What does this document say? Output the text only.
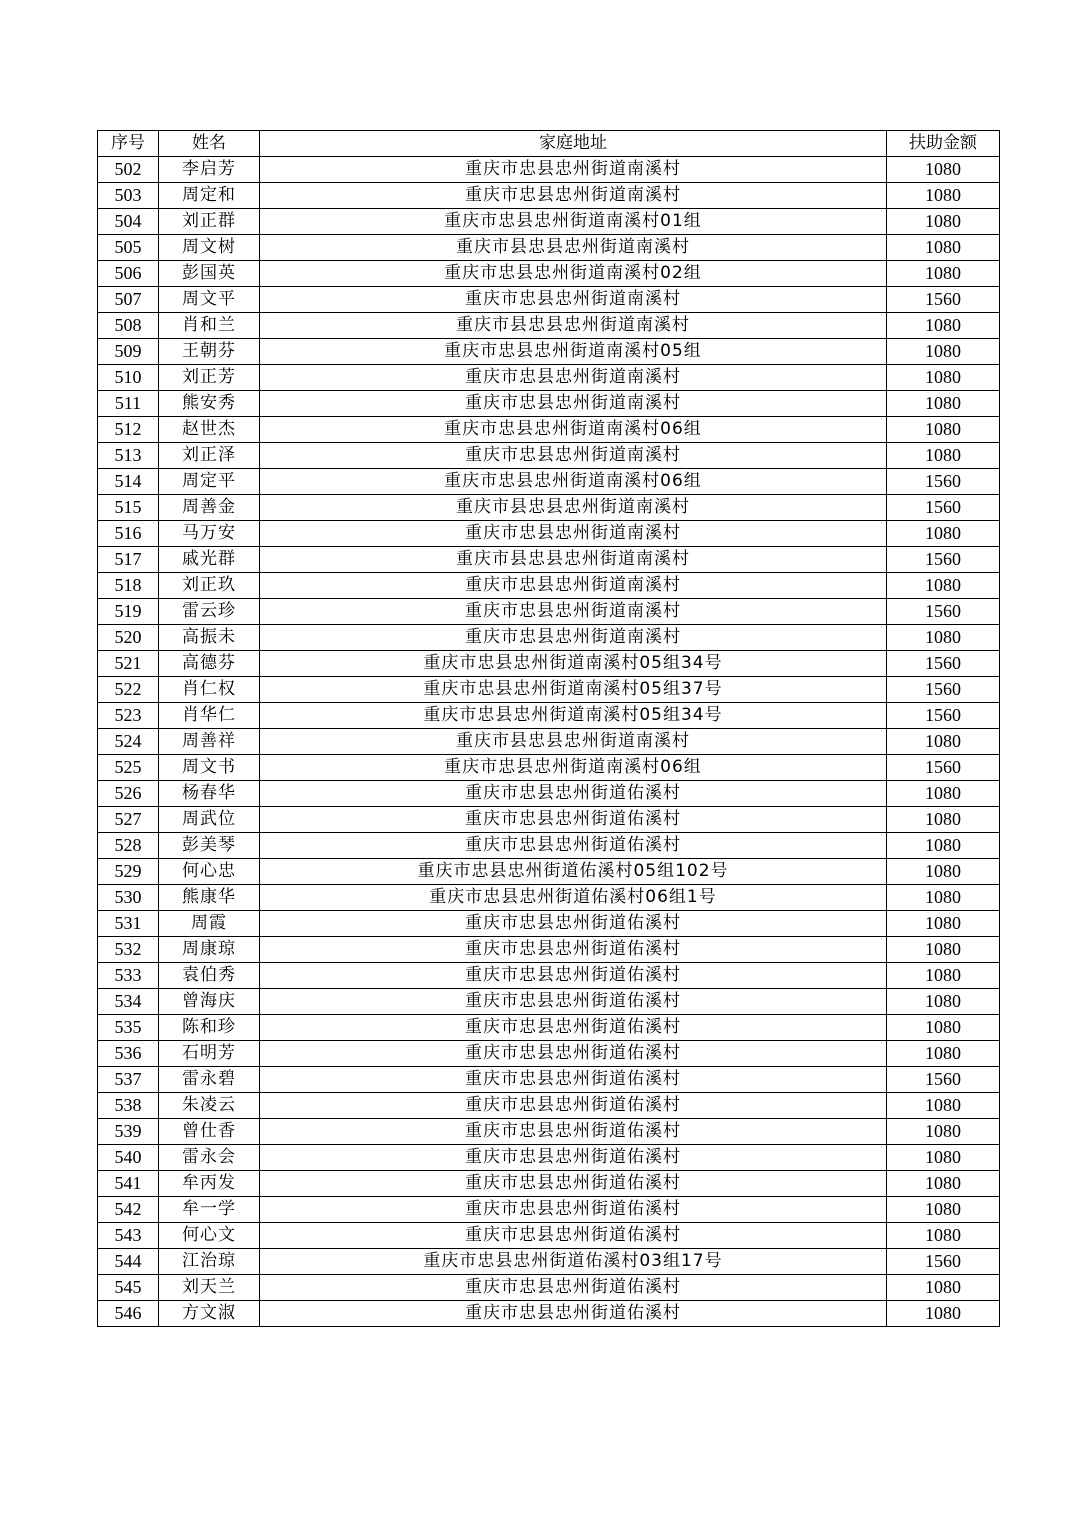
序号	姓名	家庭地址	扶助金额
502	李启芳	重庆市忠县忠州街道南溪村	1080
503	周定和	重庆市忠县忠州街道南溪村	1080
504	刘正群	重庆市忠县忠州街道南溪村01组	1080
505	周文树	重庆市县忠县忠州街道南溪村	1080
506	彭国英	重庆市忠县忠州街道南溪村02组	1080
507	周文平	重庆市忠县忠州街道南溪村	1560
508	肖和兰	重庆市县忠县忠州街道南溪村	1080
509	王朝芬	重庆市忠县忠州街道南溪村05组	1080
510	刘正芳	重庆市忠县忠州街道南溪村	1080
511	熊安秀	重庆市忠县忠州街道南溪村	1080
512	赵世杰	重庆市忠县忠州街道南溪村06组	1080
513	刘正泽	重庆市忠县忠州街道南溪村	1080
514	周定平	重庆市忠县忠州街道南溪村06组	1560
515	周善金	重庆市县忠县忠州街道南溪村	1560
516	马万安	重庆市忠县忠州街道南溪村	1080
517	戚光群	重庆市县忠县忠州街道南溪村	1560
518	刘正玖	重庆市忠县忠州街道南溪村	1080
519	雷云珍	重庆市忠县忠州街道南溪村	1560
520	高振未	重庆市忠县忠州街道南溪村	1080
521	高德芬	重庆市忠县忠州街道南溪村05组34号	1560
522	肖仁权	重庆市忠县忠州街道南溪村05组37号	1560
523	肖华仁	重庆市忠县忠州街道南溪村05组34号	1560
524	周善祥	重庆市县忠县忠州街道南溪村	1080
525	周文书	重庆市忠县忠州街道南溪村06组	1560
526	杨春华	重庆市忠县忠州街道佑溪村	1080
527	周武位	重庆市忠县忠州街道佑溪村	1080
528	彭美琴	重庆市忠县忠州街道佑溪村	1080
529	何心忠	重庆市忠县忠州街道佑溪村05组102号	1080
530	熊康华	重庆市忠县忠州街道佑溪村06组1号	1080
531	周霞	重庆市忠县忠州街道佑溪村	1080
532	周康琼	重庆市忠县忠州街道佑溪村	1080
533	袁伯秀	重庆市忠县忠州街道佑溪村	1080
534	曾海庆	重庆市忠县忠州街道佑溪村	1080
535	陈和珍	重庆市忠县忠州街道佑溪村	1080
536	石明芳	重庆市忠县忠州街道佑溪村	1080
537	雷永碧	重庆市忠县忠州街道佑溪村	1560
538	朱凌云	重庆市忠县忠州街道佑溪村	1080
539	曾仕香	重庆市忠县忠州街道佑溪村	1080
540	雷永会	重庆市忠县忠州街道佑溪村	1080
541	牟丙发	重庆市忠县忠州街道佑溪村	1080
542	牟一学	重庆市忠县忠州街道佑溪村	1080
543	何心文	重庆市忠县忠州街道佑溪村	1080
544	江治琼	重庆市忠县忠州街道佑溪村03组17号	1560
545	刘天兰	重庆市忠县忠州街道佑溪村	1080
546	方文淑	重庆市忠县忠州街道佑溪村	1080
